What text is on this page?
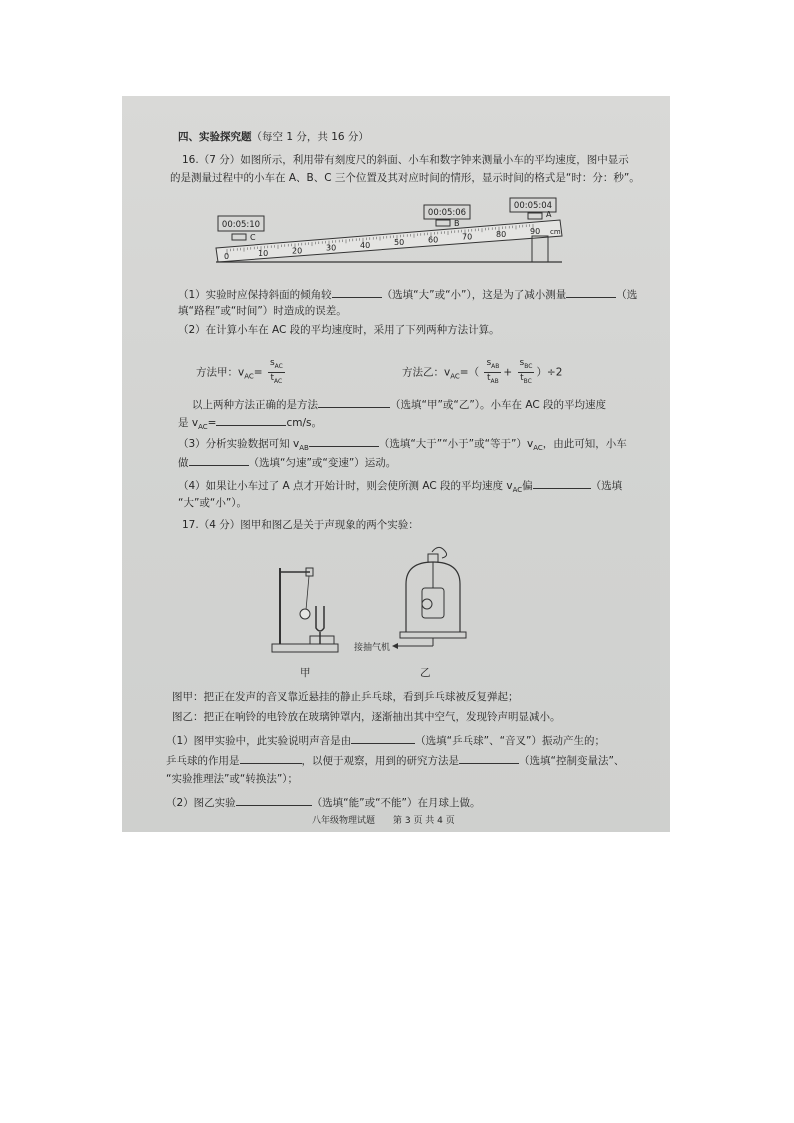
四、实验探究题（每空 1 分，共 16 分）
16.（7 分）如图所示，利用带有刻度尺的斜面、小车和数字钟来测量小车的平均速度，图中显示
的是测量过程中的小车在 A、B、C 三个位置及其对应时间的情形，显示时间的格式是“时：分：秒”。
00:05:10
00:05:06
00:05:04
C
B
A
cm
0	10	20	30	40	50	60	70	80	90
（1）实验时应保持斜面的倾角较	（选填“大”或“小”），这是为了减小测量	（选
填“路程”或“时间”）时造成的误差。
（2）在计算小车在 AC 段的平均速度时，采用了下列两种方法计算。
方法甲：$v_{AC}= \frac{s_{AC}}{t_{AC}}$	方法乙：$v_{AC}=( \frac{s_{AB}}{t_{AB}} + \frac{s_{BC}}{t_{BC}} )\div 2$
以上两种方法正确的是方法	（选填“甲”或“乙”）。小车在 AC 段的平均速度
是 $v_{AC}=$	cm/s。
（3）分析实验数据可知 $v_{AB}$	（选填“大于”“小于”或“等于$”)v_{AC}$，由此可知，小车
做	（选填“匀速”或“变速”）运动。
（4）如果让小车过了 A 点才开始计时，则会使所测 AC 段的平均速度 $v_{AC}$偏	（选填
“大”或“小”）。
17.（4 分）图甲和图乙是关于声现象的两个实验：
甲
接抽气机
乙
图甲：把正在发声的音叉靠近悬挂的静止乒乓球，看到乒乓球被反复弹起；
图乙：把正在响铃的电铃放在玻璃钟罩内，逐渐抽出其中空气，发现铃声明显减小。
（1）图甲实验中，此实验说明声音是由	（选填“乒乓球”、“音叉”）振动产生的；
乒乓球的作用是	，以便于观察，用到的研究方法是	（选填“控制变量法”、
“实验推理法”或“转换法”）；
（2）图乙实验	（选填“能”或“不能”）在月球上做。
八年级物理试题　　第 3 页 共 4 页
